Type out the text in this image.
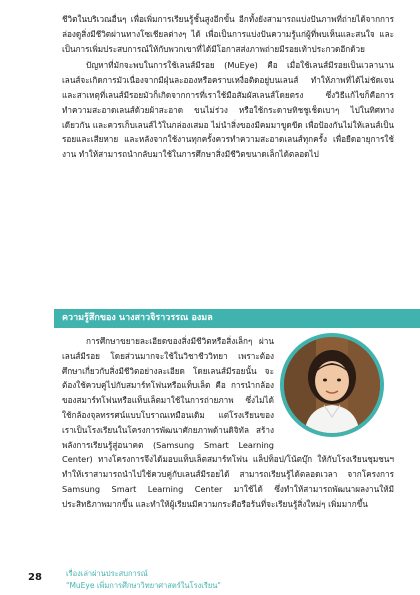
ชีวิตในบริเวณอื่นๆ เพื่อเพิ่มการเรียนรู้ชั้นสูงอีกขั้น อีกทั้งยังสามารถแบ่งปันภาพที่ถ่ายได้จากการล่องดูสิ่งมีชีวิตผ่านทางโซเชียลต่างๆ ได้ เพื่อเป็นการแบ่งปันความรู้แก่ผู้ที่พบเห็นและสนใจ และเป็นการเพิ่มประสบการณ์ให้กับพวกเขาที่ได้มีโอกาสส่งภาพถ่ายมีรอยเท้าประกวดอีกด้วย

ปัญหาที่มักจะพบในการใช้เลนส์มีรอย (MuEye) คือ เมื่อใช้เลนส์มีรอยเป็นเวลานาน เลนส์จะเกิดการมัวเนื่องจากมีฝุ่นละอองหรือคราบเหงื่อติดอยู่บนเลนส์ ทำให้ภาพที่ได้ไม่ชัดเจน และสาเหตุที่เลนส์มีรอยมัวก็เกิดจากการที่เราใช้มือสัมผัสเลนส์โดยตรง ซึ่งวิธีแก้ไขก็คือการทำความสะอาดเลนส์ด้วยผ้าสะอาด ขนไม่ร่วง หรือใช้กระดาษทิชชูเช็ดเบาๆ ไปในทิศทางเดียวกัน และควรเก็บเลนส์ไว้ในกล่องเสมอ ไม่นำสิ่งของมีคมมาขูดขีด เพื่อป้องกันไม่ให้เลนส์เป็นรอยและเสียหาย และหลังจากใช้งานทุกครั้งควรทำความสะอาดเลนส์ทุกครั้ง เพื่อยืดอายุการใช้งาน ทำให้สามารถนำกลับมาใช้ในการศึกษาสิ่งมีชีวิตขนาดเล็กได้ตลอดไป

ความรู้สึกของ นางสาวจิราวรรณ องมล

การศึกษาขยายละเอียดของสิ่งมีชีวิตหรือสิ่งเล็กๆ ผ่านเลนส์มีรอย โดยส่วนมากจะใช้ในวิชาชีววิทยา เพราะต้องศึกษาเกี่ยวกับสิ่งมีชีวิตอย่างละเอียด โดยเลนส์มีรอยนั้น จะต้องใช้ควบคู่ไปกับสมาร์ทโฟนหรือแท็บเล็ต คือ การนำกล้องของสมาร์ทโฟนหรือแท็บเล็ตมาใช้ในการถ่ายภาพ ซึ่งไม่ได้ใช้กล้องจุลทรรศน์แบบโบราณเหมือนเดิม แต่โรงเรียนของเราเป็นโรงเรียนในโครงการพัฒนาศักยภาพด้านดิจิทัล สร้างพลังการเรียนรู้สู่อนาคต (Samsung Smart Learning Center) ทางโครงการจึงได้มอบแท็บเล็ตสมาร์ทโฟน แล็ปท็อป/โน้ตบุ๊ก ให้กับโรงเรียนชุมชนฯ ทำให้เราสามารถนำไปใช้ควบคู่กับเลนส์มีรอยได้ สามารถเรียนรู้ได้ตลอดเวลา จากโครงการ Samsung Smart Learning Center มาใช้ได้ ซึ่งทำให้สามารถพัฒนาผลงานให้มีประสิทธิภาพมากขึ้น และทำให้ผู้เรียนมีความกระตือรือร้นที่จะเรียนรู้สิ่งใหม่ๆ เพิ่มมากขึ้น

28	เรื่องเล่าผ่านประสบการณ์
"MuEye เพิ่มการศึกษาวิทยาศาสตร์ในโรงเรียน"
